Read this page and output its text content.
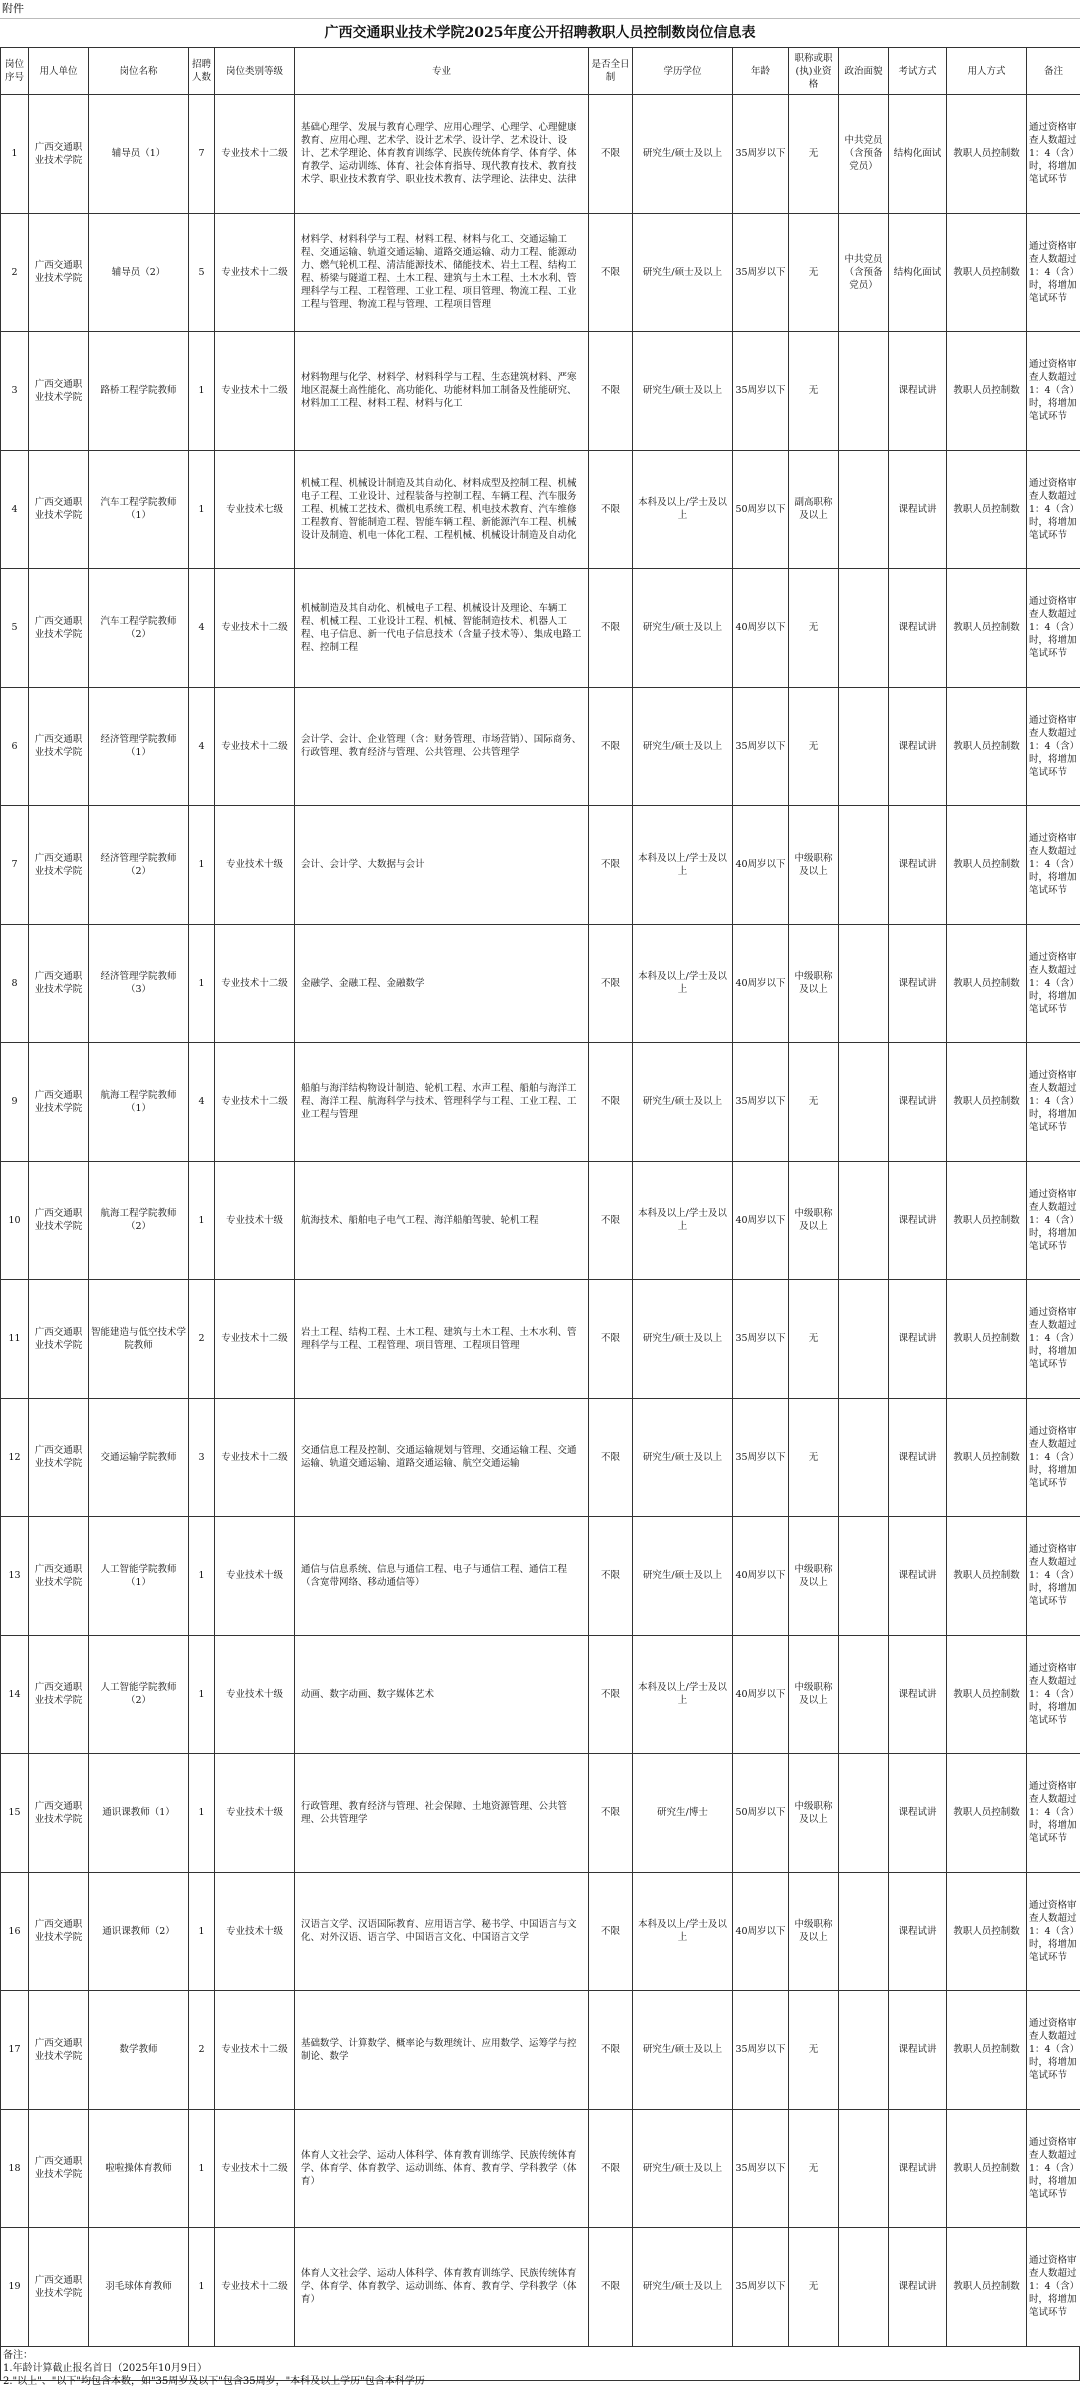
附件
广西交通职业技术学院2025年度公开招聘教职人员控制数岗位信息表
岗位序号	用人单位	岗位名称	招聘人数	岗位类别等级	专业	是否全日制	学历学位	年龄	职称或职(执)业资格	政治面貌	考试方式	用人方式	备注
1	广西交通职业技术学院	辅导员（1）	7	专业技术十二级	基础心理学、发展与教育心理学、应用心理学、心理学、心理健康教育、应用心理、艺术学、设计艺术学、设计学、艺术设计、设计、艺术学理论、体育教育训练学、民族传统体育学、体育学、体育教学、运动训练、体育、社会体育指导、现代教育技术、教育技术学、职业技术教育学、职业技术教育、法学理论、法律史、法律	不限	研究生/硕士及以上	35周岁以下	无	中共党员（含预备党员）	结构化面试	教职人员控制数	通过资格审查人数超过1：4（含）时，将增加笔试环节
2	广西交通职业技术学院	辅导员（2）	5	专业技术十二级	材料学、材料科学与工程、材料工程、材料与化工、交通运输工程、交通运输、轨道交通运输、道路交通运输、动力工程、能源动力、燃气轮机工程、清洁能源技术、储能技术、岩土工程、结构工程、桥梁与隧道工程、土木工程、建筑与土木工程、土木水利、管理科学与工程、工程管理、工业工程、项目管理、物流工程、工业工程与管理、物流工程与管理、工程项目管理	不限	研究生/硕士及以上	35周岁以下	无	中共党员（含预备党员）	结构化面试	教职人员控制数	通过资格审查人数超过1：4（含）时，将增加笔试环节
3	广西交通职业技术学院	路桥工程学院教师	1	专业技术十二级	材料物理与化学、材料学、材料科学与工程、生态建筑材料、严寒地区混凝土高性能化、高功能化、功能材料加工制备及性能研究、材料加工工程、材料工程、材料与化工	不限	研究生/硕士及以上	35周岁以下	无		课程试讲	教职人员控制数	通过资格审查人数超过1：4（含）时，将增加笔试环节
4	广西交通职业技术学院	汽车工程学院教师（1）	1	专业技术七级	机械工程、机械设计制造及其自动化、材料成型及控制工程、机械电子工程、工业设计、过程装备与控制工程、车辆工程、汽车服务工程、机械工艺技术、微机电系统工程、机电技术教育、汽车维修工程教育、智能制造工程、智能车辆工程、新能源汽车工程、机械设计及制造、机电一体化工程、工程机械、机械设计制造及自动化	不限	本科及以上/学士及以上	50周岁以下	副高职称及以上		课程试讲	教职人员控制数	通过资格审查人数超过1：4（含）时，将增加笔试环节
5	广西交通职业技术学院	汽车工程学院教师（2）	4	专业技术十二级	机械制造及其自动化、机械电子工程、机械设计及理论、车辆工程、机械工程、工业设计工程、机械、智能制造技术、机器人工程、电子信息、新一代电子信息技术（含量子技术等）、集成电路工程、控制工程	不限	研究生/硕士及以上	40周岁以下	无		课程试讲	教职人员控制数	通过资格审查人数超过1：4（含）时，将增加笔试环节
6	广西交通职业技术学院	经济管理学院教师（1）	4	专业技术十二级	会计学、会计、企业管理（含：财务管理、市场营销）、国际商务、行政管理、教育经济与管理、公共管理、公共管理学	不限	研究生/硕士及以上	35周岁以下	无		课程试讲	教职人员控制数	通过资格审查人数超过1：4（含）时，将增加笔试环节
7	广西交通职业技术学院	经济管理学院教师（2）	1	专业技术十级	会计、会计学、大数据与会计	不限	本科及以上/学士及以上	40周岁以下	中级职称及以上		课程试讲	教职人员控制数	通过资格审查人数超过1：4（含）时，将增加笔试环节
8	广西交通职业技术学院	经济管理学院教师（3）	1	专业技术十二级	金融学、金融工程、金融数学	不限	本科及以上/学士及以上	40周岁以下	中级职称及以上		课程试讲	教职人员控制数	通过资格审查人数超过1：4（含）时，将增加笔试环节
9	广西交通职业技术学院	航海工程学院教师（1）	4	专业技术十二级	船舶与海洋结构物设计制造、轮机工程、水声工程、船舶与海洋工程、海洋工程、航海科学与技术、管理科学与工程、工业工程、工业工程与管理	不限	研究生/硕士及以上	35周岁以下	无		课程试讲	教职人员控制数	通过资格审查人数超过1：4（含）时，将增加笔试环节
10	广西交通职业技术学院	航海工程学院教师（2）	1	专业技术十级	航海技术、船舶电子电气工程、海洋船舶驾驶、轮机工程	不限	本科及以上/学士及以上	40周岁以下	中级职称及以上		课程试讲	教职人员控制数	通过资格审查人数超过1：4（含）时，将增加笔试环节
11	广西交通职业技术学院	智能建造与低空技术学院教师	2	专业技术十二级	岩土工程、结构工程、土木工程、建筑与土木工程、土木水利、管理科学与工程、工程管理、项目管理、工程项目管理	不限	研究生/硕士及以上	35周岁以下	无		课程试讲	教职人员控制数	通过资格审查人数超过1：4（含）时，将增加笔试环节
12	广西交通职业技术学院	交通运输学院教师	3	专业技术十二级	交通信息工程及控制、交通运输规划与管理、交通运输工程、交通运输、轨道交通运输、道路交通运输、航空交通运输	不限	研究生/硕士及以上	35周岁以下	无		课程试讲	教职人员控制数	通过资格审查人数超过1：4（含）时，将增加笔试环节
13	广西交通职业技术学院	人工智能学院教师（1）	1	专业技术十级	通信与信息系统、信息与通信工程、电子与通信工程、通信工程（含宽带网络、移动通信等）	不限	研究生/硕士及以上	40周岁以下	中级职称及以上		课程试讲	教职人员控制数	通过资格审查人数超过1：4（含）时，将增加笔试环节
14	广西交通职业技术学院	人工智能学院教师（2）	1	专业技术十级	动画、数字动画、数字媒体艺术	不限	本科及以上/学士及以上	40周岁以下	中级职称及以上		课程试讲	教职人员控制数	通过资格审查人数超过1：4（含）时，将增加笔试环节
15	广西交通职业技术学院	通识课教师（1）	1	专业技术十级	行政管理、教育经济与管理、社会保障、土地资源管理、公共管理、公共管理学	不限	研究生/博士	50周岁以下	中级职称及以上		课程试讲	教职人员控制数	通过资格审查人数超过1：4（含）时，将增加笔试环节
16	广西交通职业技术学院	通识课教师（2）	1	专业技术十级	汉语言文学、汉语国际教育、应用语言学、秘书学、中国语言与文化、对外汉语、语言学、中国语言文化、中国语言文学	不限	本科及以上/学士及以上	40周岁以下	中级职称及以上		课程试讲	教职人员控制数	通过资格审查人数超过1：4（含）时，将增加笔试环节
17	广西交通职业技术学院	数学教师	2	专业技术十二级	基础数学、计算数学、概率论与数理统计、应用数学、运筹学与控制论、数学	不限	研究生/硕士及以上	35周岁以下	无		课程试讲	教职人员控制数	通过资格审查人数超过1：4（含）时，将增加笔试环节
18	广西交通职业技术学院	啦啦操体育教师	1	专业技术十二级	体育人文社会学、运动人体科学、体育教育训练学、民族传统体育学、体育学、体育教学、运动训练、体育、教育学、学科教学（体育）	不限	研究生/硕士及以上	35周岁以下	无		课程试讲	教职人员控制数	通过资格审查人数超过1：4（含）时，将增加笔试环节
19	广西交通职业技术学院	羽毛球体育教师	1	专业技术十二级	体育人文社会学、运动人体科学、体育教育训练学、民族传统体育学、体育学、体育教学、运动训练、体育、教育学、学科教学（体育）	不限	研究生/硕士及以上	35周岁以下	无		课程试讲	教职人员控制数	通过资格审查人数超过1：4（含）时，将增加笔试环节
备注：
1.年龄计算截止报名首日（2025年10月9日）
2."以上"、"以下"均包含本数，如"35周岁及以下"包含35周岁，"本科及以上学历"包含本科学历
